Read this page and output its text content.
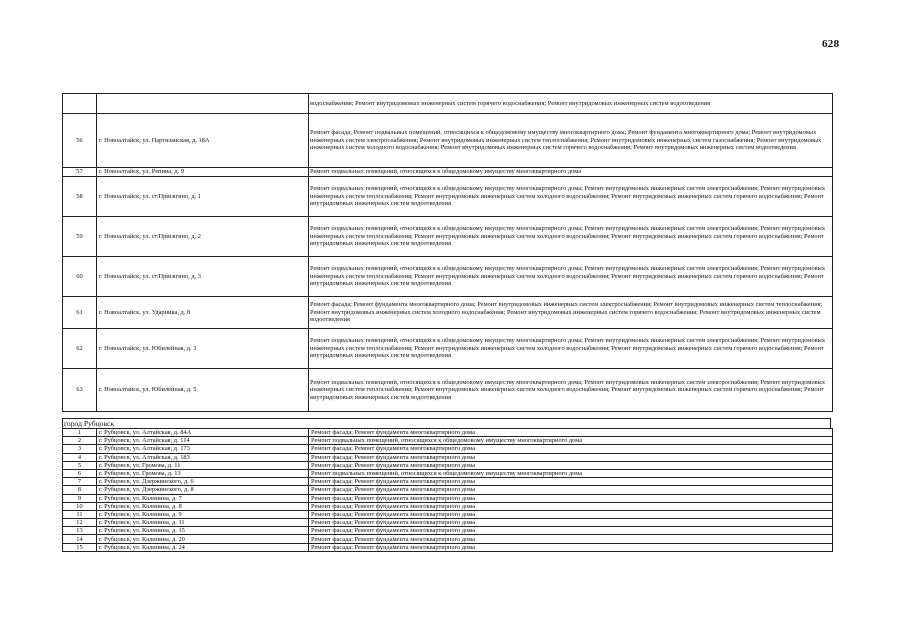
628
		водоснабжения; Ремонт внутридомовых инженерных систем горячего водоснабжения; Ремонт внутридомовых инженерных систем водоотведения
56	г. Новоалтайск, ул. Партизанская, д. 18А	Ремонт фасада; Ремонт подвальных помещений, относящихся к общедомовому имуществу многоквартирного дома; Ремонт фундамента многоквартирного дома; Ремонт внутридомовых инженерных систем электроснабжения; Ремонт внутридомовых инженерных систем теплоснабжения; Ремонт внутридомовых инженерных систем газоснабжения; Ремонт внутридомовых инженерных систем холодного водоснабжения; Ремонт внутридомовых инженерных систем горячего водоснабжения; Ремонт внутридомовых инженерных систем водоотведения
57	г. Новоалтайск, ул. Репина, д. 9	Ремонт подвальных помещений, относящихся к общедомовому имуществу многоквартирного дома
58	г. Новоалтайск, ул. ст.Присягино, д. 1	Ремонт подвальных помещений, относящихся к общедомовому имуществу многоквартирного дома; Ремонт внутридомовых инженерных систем электроснабжения; Ремонт внутридомовых инженерных систем теплоснабжения; Ремонт внутридомовых инженерных систем холодного водоснабжения; Ремонт внутридомовых инженерных систем горячего водоснабжения; Ремонт внутридомовых инженерных систем водоотведения
59	г. Новоалтайск, ул. ст.Присягино, д. 2	Ремонт подвальных помещений, относящихся к общедомовому имуществу многоквартирного дома; Ремонт внутридомовых инженерных систем электроснабжения; Ремонт внутридомовых инженерных систем теплоснабжения; Ремонт внутридомовых инженерных систем холодного водоснабжения; Ремонт внутридомовых инженерных систем горячего водоснабжения; Ремонт внутридомовых инженерных систем водоотведения
60	г. Новоалтайск, ул. ст.Присягино, д. 3	Ремонт подвальных помещений, относящихся к общедомовому имуществу многоквартирного дома; Ремонт внутридомовых инженерных систем электроснабжения; Ремонт внутридомовых инженерных систем теплоснабжения; Ремонт внутридомовых инженерных систем холодного водоснабжения; Ремонт внутридомовых инженерных систем горячего водоснабжения; Ремонт внутридомовых инженерных систем водоотведения
61	г. Новоалтайск, ул. Ударника, д. 8	Ремонт фасада; Ремонт фундамента многоквартирного дома; Ремонт внутридомовых инженерных систем электроснабжения; Ремонт внутридомовых инженерных систем теплоснабжения; Ремонт внутридомовых инженерных систем холодного водоснабжения; Ремонт внутридомовых инженерных систем горячего водоснабжения; Ремонт внутридомовых инженерных систем водоотведения
62	г. Новоалтайск, ул. Юбилейная, д. 3	Ремонт подвальных помещений, относящихся к общедомовому имуществу многоквартирного дома; Ремонт внутридомовых инженерных систем электроснабжения; Ремонт внутридомовых инженерных систем теплоснабжения; Ремонт внутридомовых инженерных систем холодного водоснабжения; Ремонт внутридомовых инженерных систем горячего водоснабжения; Ремонт внутридомовых инженерных систем водоотведения
63	г. Новоалтайск, ул. Юбилейная, д. 5	Ремонт подвальных помещений, относящихся к общедомовому имуществу многоквартирного дома; Ремонт внутридомовых инженерных систем электроснабжения; Ремонт внутридомовых инженерных систем теплоснабжения; Ремонт внутридомовых инженерных систем холодного водоснабжения; Ремонт внутридомовых инженерных систем горячего водоснабжения; Ремонт внутридомовых инженерных систем водоотведения
город Рубцовск
1	г. Рубцовск, ул. Алтайская, д. 84А	Ремонт фасада; Ремонт фундамента многоквартирного дома
2	г. Рубцовск, ул. Алтайская, д. 114	Ремонт подвальных помещений, относящихся к общедомовому имуществу многоквартирного дома
3	г. Рубцовск, ул. Алтайская, д. 173	Ремонт фасада; Ремонт фундамента многоквартирного дома
4	г. Рубцовск, ул. Алтайская, д. 183	Ремонт фасада; Ремонт фундамента многоквартирного дома
5	г. Рубцовск, ул. Громова, д. 11	Ремонт фасада; Ремонт фундамента многоквартирного дома
6	г. Рубцовск, ул. Громова, д. 13	Ремонт подвальных помещений, относящихся к общедомовому имуществу многоквартирного дома
7	г. Рубцовск, ул. Дзержинского, д. 6	Ремонт фасада; Ремонт фундамента многоквартирного дома
8	г. Рубцовск, ул. Дзержинского, д. 8	Ремонт фасада; Ремонт фундамента многоквартирного дома
9	г. Рубцовск, ул. Калинина, д. 7	Ремонт фасада; Ремонт фундамента многоквартирного дома
10	г. Рубцовск, ул. Калинина, д. 8	Ремонт фасада; Ремонт фундамента многоквартирного дома
11	г. Рубцовск, ул. Калинина, д. 9	Ремонт фасада; Ремонт фундамента многоквартирного дома
12	г. Рубцовск, ул. Калинина, д. 11	Ремонт фасада; Ремонт фундамента многоквартирного дома
13	г. Рубцовск, ул. Калинина, д. 15	Ремонт фасада; Ремонт фундамента многоквартирного дома
14	г. Рубцовск, ул. Калинина, д. 20	Ремонт фасада; Ремонт фундамента многоквартирного дома
15	г. Рубцовск, ул. Калинина, д. 24	Ремонт фасада; Ремонт фундамента многоквартирного дома
